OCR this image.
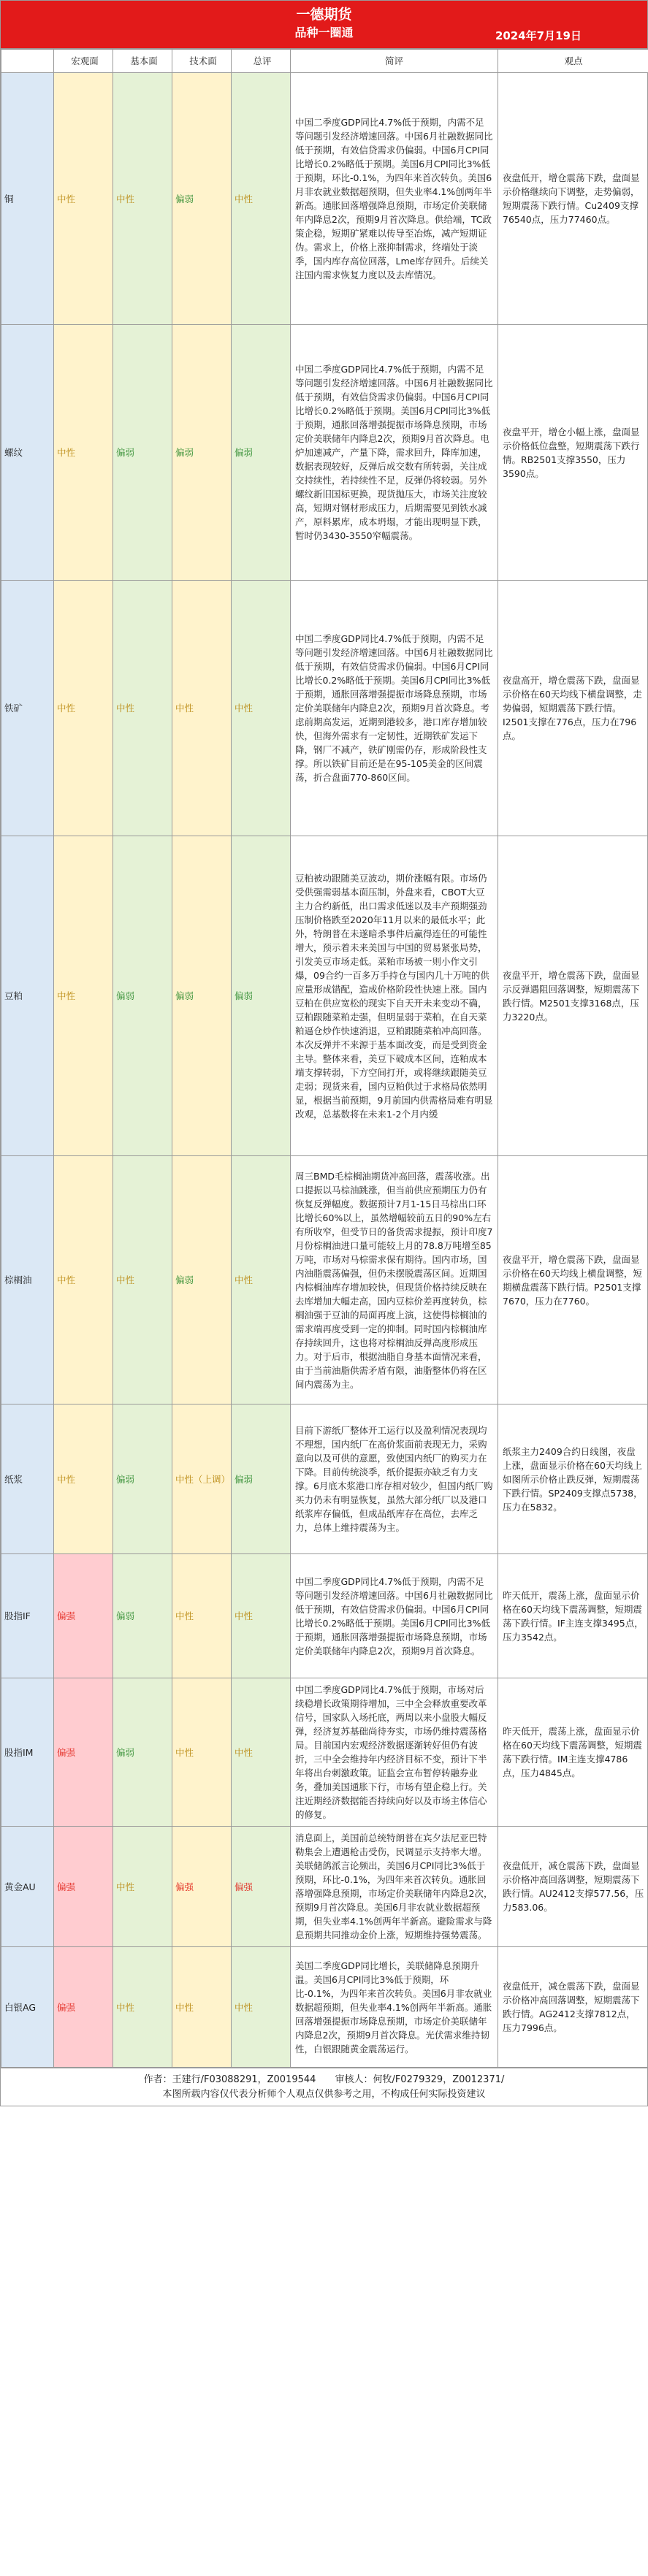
一德期货
品种一圈通	2024年7月19日
	宏观面	基本面	技术面	总评	简评	观点
铜	中性	中性	偏弱	中性	中国二季度GDP同比4.7%低于预期，内需不足等问题引发经济增速回落。中国6月社融数据同比低于预期，有效信贷需求仍偏弱。中国6月CPI同比增长0.2%略低于预期。美国6月CPI同比3%低于预期，环比-0.1%，为四年来首次转负。美国6月非农就业数据超预期，但失业率4.1%创两年半新高。通胀回落增强降息预期，市场定价美联储年内降息2次，预期9月首次降息。供给端，TC政策企稳，短期矿紧难以传导至冶炼，减产短期证伪。需求上，价格上涨抑制需求，终端处于淡季，国内库存高位回落，Lme库存回升。后续关注国内需求恢复力度以及去库情况。	夜盘低开，增仓震荡下跌，盘面显示价格继续向下调整，走势偏弱，短期震荡下跌行情。Cu2409支撑76540点，压力77460点。
螺纹	中性	偏弱	偏弱	偏弱	中国二季度GDP同比4.7%低于预期，内需不足等问题引发经济增速回落。中国6月社融数据同比低于预期，有效信贷需求仍偏弱。中国6月CPI同比增长0.2%略低于预期。美国6月CPI同比3%低于预期，通胀回落增强提振市场降息预期，市场定价美联储年内降息2次，预期9月首次降息。电炉加速减产，产量下降，需求回升，降库加速，数据表现较好，反弹后成交数有所转弱，关注成交持续性，若持续性不足，反弹仍将较弱。另外螺纹新旧国标更换，现货抛压大，市场关注度较高，短期对钢材形成压力，后期需要见到铁水减产，原料累库，成本坍塌，才能出现明显下跌，暂时仍3430-3550窄幅震荡。	夜盘平开，增仓小幅上涨，盘面显示价格低位盘整，短期震荡下跌行情。RB2501支撑3550，压力3590点。
铁矿	中性	中性	中性	中性	中国二季度GDP同比4.7%低于预期，内需不足等问题引发经济增速回落。中国6月社融数据同比低于预期，有效信贷需求仍偏弱。中国6月CPI同比增长0.2%略低于预期。美国6月CPI同比3%低于预期，通胀回落增强提振市场降息预期，市场定价美联储年内降息2次，预期9月首次降息。考虑前期高发运，近期到港较多，港口库存增加较快，但海外需求有一定韧性，近期铁矿发运下降，钢厂不减产，铁矿刚需仍存，形成阶段性支撑。所以铁矿目前还是在95-105美金的区间震荡，折合盘面770-860区间。	夜盘高开，增仓震荡下跌，盘面显示价格在60天均线下横盘调整，走势偏弱，短期震荡下跌行情。I2501支撑在776点，压力在796点。
豆粕	中性	偏弱	偏弱	偏弱	豆粕被动跟随美豆波动，期价涨幅有限。市场仍受供强需弱基本面压制，外盘来看，CBOT大豆主力合约新低，出口需求低迷以及丰产预期强劲压制价格跌至2020年11月以来的最低水平；此外，特朗普在未遂暗杀事件后赢得连任的可能性增大，预示着未来美国与中国的贸易紧张局势，引发美豆市场走低。菜粕市场被一则小作文引爆，09合约一百多万手持仓与国内几十万吨的供应量形成错配，造成价格阶段性快速上涨。国内豆粕在供应宽松的现实下自天开未来变动不确，豆粕跟随菜粕走强，但明显弱于菜粕，在自天菜粕逼仓炒作快速消退，豆粕跟随菜粕冲高回落。本次反弹并不来源于基本面改变，而是受到资金主导。整体来看，美豆下破成本区间，连粕成本端支撑转弱，下方空间打开，或将继续跟随美豆走弱；现货来看，国内豆粕供过于求格局依然明显，根据当前预期，9月前国内供需格局难有明显改观，总基数将在未来1-2个月内缓	夜盘平开，增仓震荡下跌，盘面显示反弹遇阻回落调整，短期震荡下跌行情。M2501支撑3168点，压力3220点。
棕榈油	中性	中性	偏弱	中性	周三BMD毛棕榈油期货冲高回落，震荡收涨。出口提振以马棕油跳涨，但当前供应预期压力仍有恢复反弹幅度。数据预计7月1-15日马棕出口环比增长60%以上，虽然增幅较前五日的90%左右有所收窄，但受节日的备货需求提振，预计印度7月份棕榈油进口量可能较上月的78.8万吨增至85万吨，市场对马棕需求保有期待。国内市场，国内油脂震荡偏强，但仍未摆脱震荡区间。近期国内棕榈油库存增加较快，但现货价格持续反映在去库增加大幅走高，国内豆棕价差再度转负，棕榈油强于豆油的局面再度上演，这使得棕榈油的需求端再度受到一定的抑制。同时国内棕榈油库存持续回升，这也将对棕榈油反弹高度形成压力。对于后市，根据油脂自身基本面情况来看，由于当前油脂供需矛盾有限，油脂整体仍将在区间内震荡为主。	夜盘平开，增仓震荡下跌，盘面显示价格在60天均线上横盘调整，短期横盘震荡下跌行情。P2501支撑7670，压力在7760。
纸浆	中性	偏弱	中性（上调）	偏弱	目前下游纸厂整体开工运行以及盈利情况表现均不理想，国内纸厂在高价浆面前表现无力，采购意向以及可供的意愿，致使国内纸厂的购买力在下降。目前传统淡季，纸价提振亦缺乏有力支撑。6月底木浆港口库存相对较少，但国内纸厂购买力仍未有明显恢复，虽然大部分纸厂以及港口纸浆库存偏低，但成品纸库存在高位，去库乏力，总体上维持震荡为主。	纸浆主力2409合约日线图，夜盘上涨，盘面显示价格在60天均线上如图所示价格止跌反弹，短期震荡下跌行情。SP2409支撑点5738，压力在5832。
股指IF	偏强	偏弱	中性	中性	中国二季度GDP同比4.7%低于预期，内需不足等问题引发经济增速回落。中国6月社融数据同比低于预期，有效信贷需求仍偏弱。中国6月CPI同比增长0.2%略低于预期。美国6月CPI同比3%低于预期，通胀回落增强提振市场降息预期，市场定价美联储年内降息2次，预期9月首次降息。	昨天低开，震荡上涨，盘面显示价格在60天均线下震荡调整，短期震荡下跌行情。IF主连支撑3495点，压力3542点。
股指IM	偏强	偏弱	中性	中性	中国二季度GDP同比4.7%低于预期，市场对后续稳增长政策期待增加，三中全会释放重要改革信号，国家队入场托底，两周以来小盘股大幅反弹，经济复苏基础尚待夯实，市场仍维持震荡格局。目前国内宏观经济数据逐渐转好但仍有波折，三中全会维持年内经济目标不变，预计下半年将出台刺激政策。证监会宣布暂停转融券业务，叠加美国通胀下行，市场有望企稳上行。关注近期经济数据能否持续向好以及市场主体信心的修复。	昨天低开，震荡上涨，盘面显示价格在60天均线下震荡调整，短期震荡下跌行情。IM主连支撑4786点，压力4845点。
黄金AU	偏强	中性	偏强	偏强	消息面上，美国前总统特朗普在宾夕法尼亚巴特勒集会上遭遇枪击受伤，民调显示支持率大增。美联储鸽派言论频出，美国6月CPI同比3%低于预期，环比-0.1%，为四年来首次转负。通胀回落增强降息预期，市场定价美联储年内降息2次，预期9月首次降息。美国6月非农就业数据超预期，但失业率4.1%创两年半新高。避险需求与降息预期共同推动金价上涨，短期维持强势震荡。	夜盘低开，减仓震荡下跌，盘面显示价格冲高回落调整，短期震荡下跌行情。AU2412支撑577.56，压力583.06。
白银AG	偏强	中性	中性	中性	美国二季度GDP同比增长，美联储降息预期升温。美国6月CPI同比3%低于预期，环比-0.1%，为四年来首次转负。美国6月非农就业数据超预期，但失业率4.1%创两年半新高。通胀回落增强提振市场降息预期，市场定价美联储年内降息2次，预期9月首次降息。光伏需求维持韧性，白银跟随黄金震荡运行。	夜盘低开，减仓震荡下跌，盘面显示价格冲高回落调整，短期震荡下跌行情。AG2412支撑7812点，压力7996点。
作者：王建行/F03088291，Z0019544　　审核人：何牧/F0279329，Z0012371/
本图所载内容仅代表分析师个人观点仅供参考之用，不构成任何实际投资建议
